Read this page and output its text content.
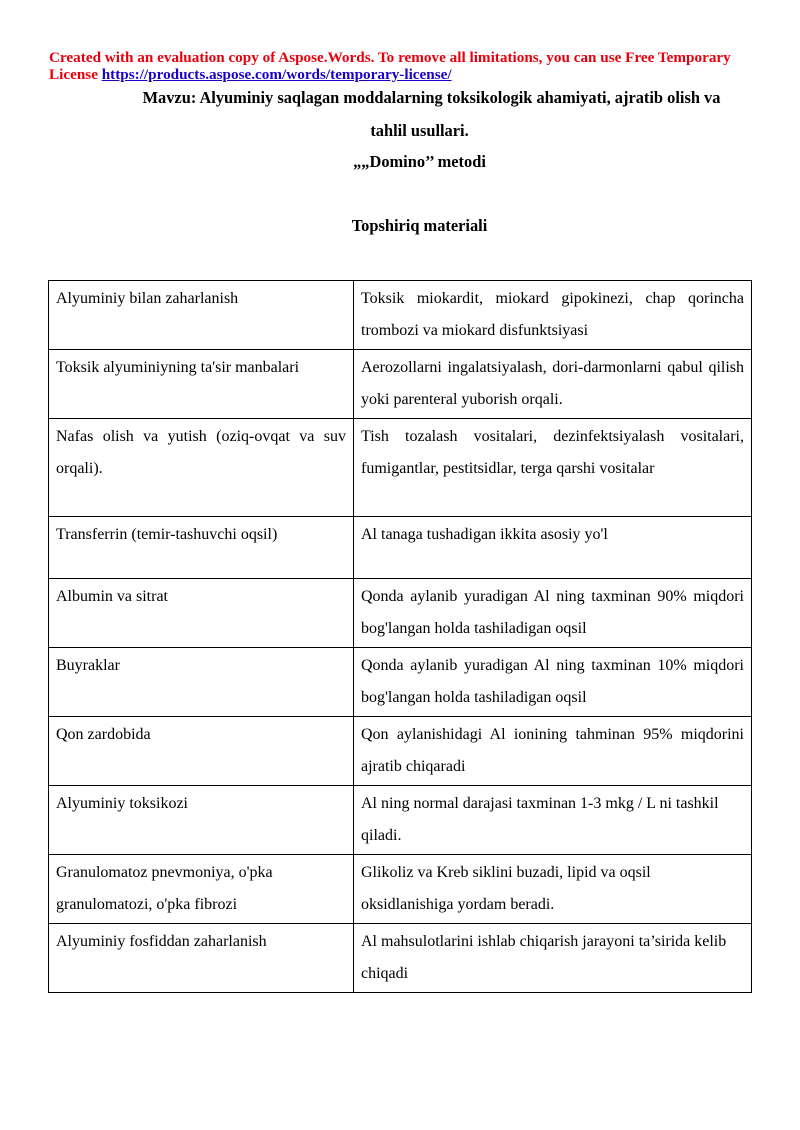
Created with an evaluation copy of Aspose.Words. To remove all limitations, you can use Free Temporary License https://products.aspose.com/words/temporary-license/
Mavzu: Alyuminiy saqlagan moddalarning toksikologik ahamiyati, ajratib olish va
tahlil usullari.
„„Domino’’ metodi
Topshiriq materiali
Alyuminiy bilan zaharlanish	Toksik miokardit, miokard gipokinezi, chap qorincha trombozi va miokard disfunktsiyasi
Toksik alyuminiyning ta'sir manbalari	Aerozollarni ingalatsiyalash, dori-darmonlarni qabul qilish yoki parenteral yuborish orqali.
Nafas olish va yutish (oziq-ovqat va suv orqali).	Tish tozalash vositalari, dezinfektsiyalash vositalari, fumigantlar, pestitsidlar, terga qarshi vositalar
Transferrin (temir-tashuvchi oqsil)	Al tanaga tushadigan ikkita asosiy yo'l
Albumin va sitrat	Qonda aylanib yuradigan Al ning taxminan 90% miqdori bog'langan holda tashiladigan oqsil
Buyraklar	Qonda aylanib yuradigan Al ning taxminan 10% miqdori bog'langan holda tashiladigan oqsil
Qon zardobida	Qon aylanishidagi Al ionining tahminan 95% miqdorini ajratib chiqaradi
Alyuminiy toksikozi	Al ning normal darajasi taxminan 1-3 mkg / L ni tashkil qiladi.
Granulomatoz pnevmoniya, o'pka granulomatozi, o'pka fibrozi	Glikoliz va Kreb siklini buzadi, lipid va oqsil oksidlanishiga yordam beradi.
Alyuminiy fosfiddan zaharlanish	Al mahsulotlarini ishlab chiqarish jarayoni ta’sirida kelib chiqadi
